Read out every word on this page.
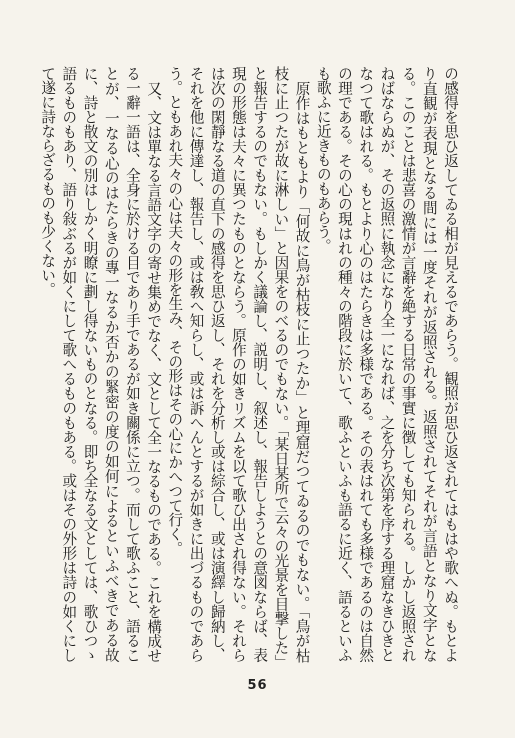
の感得を思ひ返してゐる相が見えるであらう。観照が思ひ返されてはもはや歌へぬ。もとより直観が表現となる間には一度それが返照される。返照されてそれが言語となり文字となる。このことは悲喜の激情が言辭を絶する日常の事實に徴しても知られる。しかし返照されねばならぬが、その返照に執念になり全一になれば、之を分ち次第を序する理窟なきひきとなつて歌はれる。もとより心のはたらきは多様である。その表はれても多様であるのは自然の理である。その心の現はれの種々の階段に於いて、歌ふといふも語るに近く、語るといふも歌ふに近きものもあらう。

原作はもともより「何故に鳥が枯枝に止つたか」と理窟だつてゐるのでもない。「鳥が枯枝に止つたが故に淋しい」と因果をのべるのでもない。「某日某所で云々の光景を目撃した」と報告するのでもない。もしかく議論し、説明し、叙述し、報告しようとの意図ならば、表現の形態は夫々に異つたものとならう。原作の如きリズムを以て歌ひ出され得ない。それらは次の閑靜なる道の直下の感得を思ひ返し、それを分析し或は綜合し、或は演繹し歸納し、それを他に傳達し、報告し、或は敎へ知らし、或は訴へんとするが如きに出づるものであらう。ともあれ夫々の心は夫々の形を生み、その形はその心にかへつて行く。

又、文は單なる言語文字の寄せ集めでなく、文として全一なるものである。これを構成せる一辭一語は、全身に於ける目であり手であるが如き關係に立つ。而して歌ふこと、語ることが、一なる心のはたらきの專一なるか否かの緊密の度の如何によるといふべきである故に、詩と散文の別はしかく明瞭に劃し得ないものとなる。即ち全なる文としては、歌ひつゝ語るものもあり、語り敍ぶるが如くにして歌へるものもある。或はその外形は詩の如くにして遂に詩ならざるものも少くない。

56
